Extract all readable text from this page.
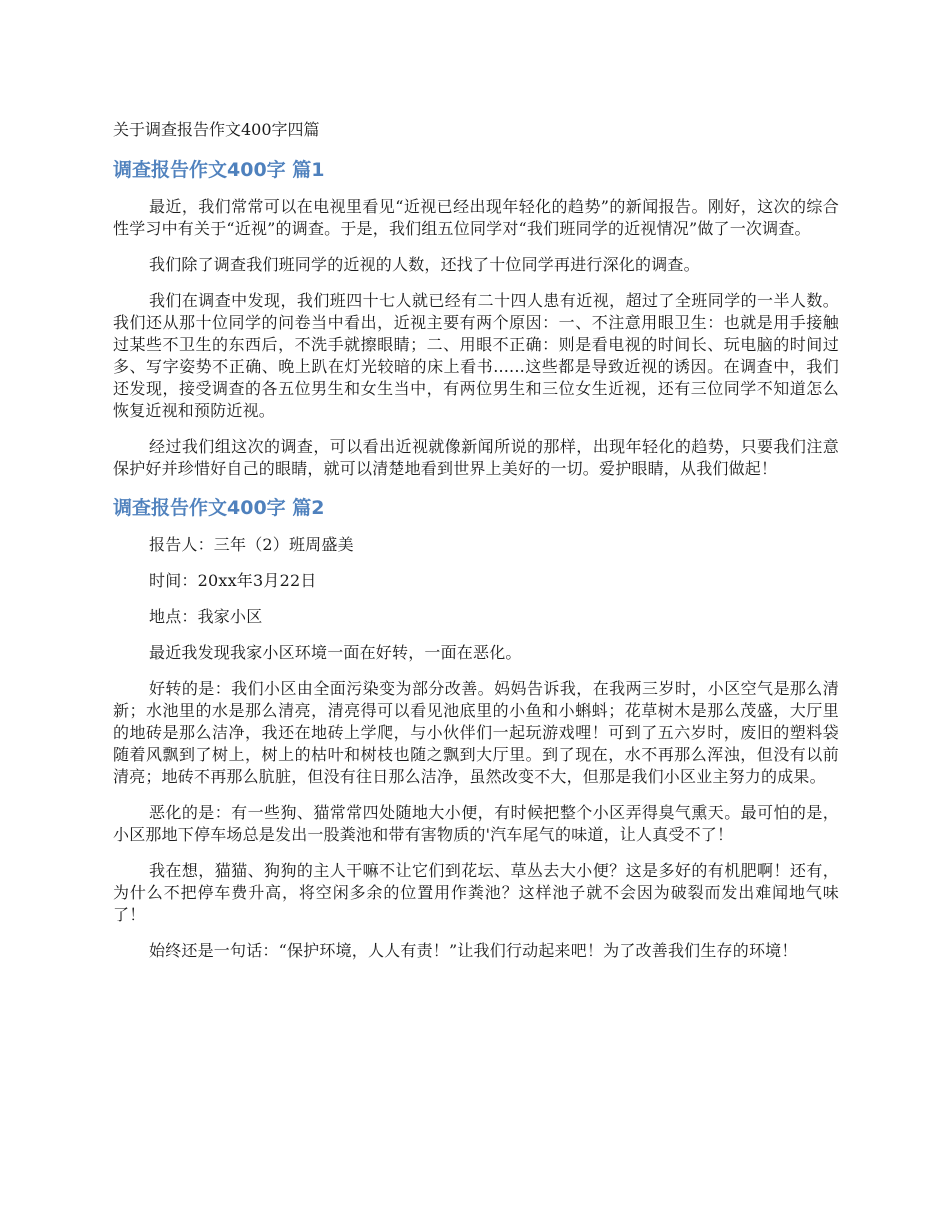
关于调查报告作文400字四篇
调查报告作文400字 篇1

最近，我们常常可以在电视里看见“近视已经出现年轻化的趋势”的新闻报告。刚好，这次的综合性学习中有关于“近视”的调查。于是，我们组五位同学对“我们班同学的近视情况”做了一次调查。

我们除了调查我们班同学的近视的人数，还找了十位同学再进行深化的调查。

我们在调查中发现，我们班四十七人就已经有二十四人患有近视，超过了全班同学的一半人数。我们还从那十位同学的问卷当中看出，近视主要有两个原因：一、不注意用眼卫生：也就是用手接触过某些不卫生的东西后，不洗手就擦眼睛；二、用眼不正确：则是看电视的时间长、玩电脑的时间过多、写字姿势不正确、晚上趴在灯光较暗的床上看书......这些都是导致近视的诱因。在调查中，我们还发现，接受调查的各五位男生和女生当中，有两位男生和三位女生近视，还有三位同学不知道怎么恢复近视和预防近视。

经过我们组这次的调查，可以看出近视就像新闻所说的那样，出现年轻化的趋势，只要我们注意保护好并珍惜好自己的眼睛，就可以清楚地看到世界上美好的一切。爱护眼睛，从我们做起！

调查报告作文400字 篇2

报告人：三年（2）班周盛美

时间：20xx年3月22日

地点：我家小区

最近我发现我家小区环境一面在好转，一面在恶化。

好转的是：我们小区由全面污染变为部分改善。妈妈告诉我，在我两三岁时，小区空气是那么清新；水池里的水是那么清亮，清亮得可以看见池底里的小鱼和小蝌蚪；花草树木是那么茂盛，大厅里的地砖是那么洁净，我还在地砖上学爬，与小伙伴们一起玩游戏哩！可到了五六岁时，废旧的塑料袋随着风飘到了树上，树上的枯叶和树枝也随之飘到大厅里。到了现在，水不再那么浑浊，但没有以前清亮；地砖不再那么肮脏，但没有往日那么洁净，虽然改变不大，但那是我们小区业主努力的成果。

恶化的是：有一些狗、猫常常四处随地大小便，有时候把整个小区弄得臭气熏天。最可怕的是，小区那地下停车场总是发出一股粪池和带有害物质的'汽车尾气的味道，让人真受不了！

我在想，猫猫、狗狗的主人干嘛不让它们到花坛、草丛去大小便？这是多好的有机肥啊！还有，为什么不把停车费升高，将空闲多余的位置用作粪池？这样池子就不会因为破裂而发出难闻地气味了！

始终还是一句话：“保护环境，人人有责！”让我们行动起来吧！为了改善我们生存的环境！
